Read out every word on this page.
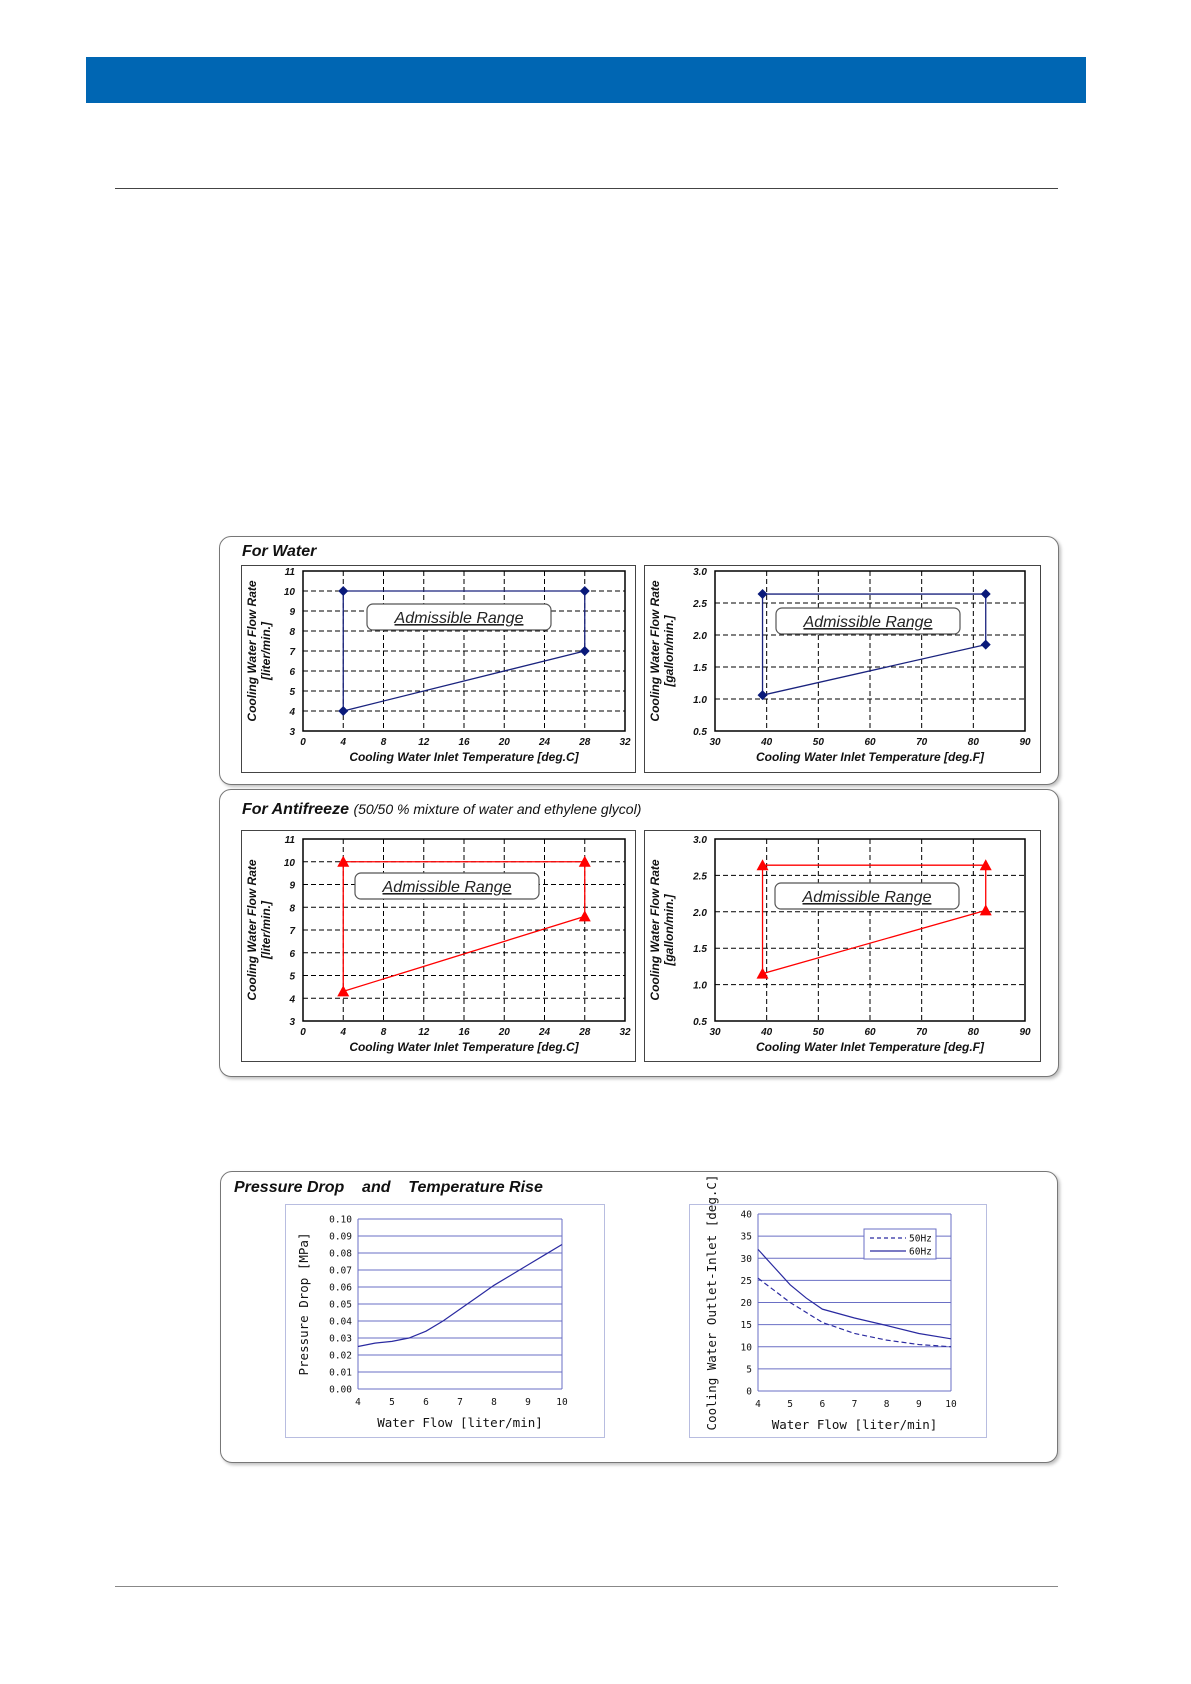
For Water
0	4	8	12	16	20	24	28	32
3
4
5
6
7
8
9
10
11
Admissible Range
Cooling Water Inlet Temperature [deg.C]
Cooling Water Flow Rate [liter/min.]
30	40	50	60	70	80	90
0.5
1.0
1.5
2.0
2.5
3.0
Admissible Range
Cooling Water Inlet Temperature [deg.F]
Cooling Water Flow Rate [gallon/min.]
For Antifreeze (50/50 % mixture of water and ethylene glycol)
0	4	8	12	16	20	24	28	32
3
4
5
6
7
8
9
10
11
Admissible Range
Cooling Water Inlet Temperature [deg.C]
Cooling Water Flow Rate [liter/min.]
30	40	50	60	70	80	90
0.5
1.0
1.5
2.0
2.5
3.0
Admissible Range
Cooling Water Inlet Temperature [deg.F]
Cooling Water Flow Rate [gallon/min.]
Pressure Drop    and    Temperature Rise
0.00
0.01
0.02
0.03
0.04
0.05
0.06
0.07
0.08
0.09
0.10
4	5	6	7	8	9	10
Water Flow [liter/min]
Pressure Drop [MPa]
0
5
10
15
20
25
30
35
40
4	5	6	7	8	9 10
Water Flow [liter/min]
Cooling Water Outlet-Inlet [deg.C]	50Hz
60Hz
